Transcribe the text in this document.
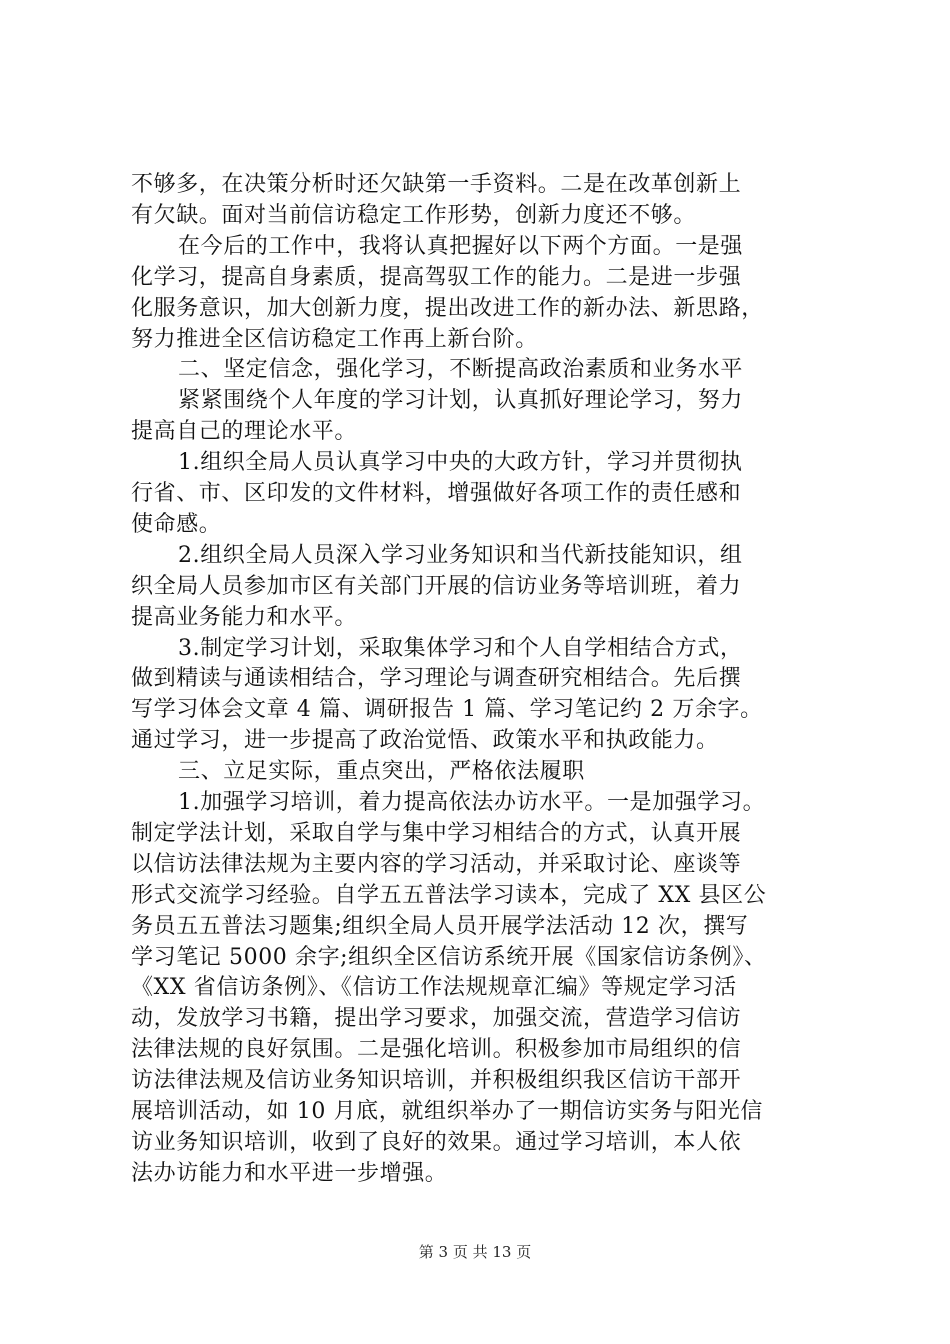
不够多，在决策分析时还欠缺第一手资料。二是在改革创新上
有欠缺。面对当前信访稳定工作形势，创新力度还不够。
在今后的工作中，我将认真把握好以下两个方面。一是强
化学习，提高自身素质，提高驾驭工作的能力。二是进一步强
化服务意识，加大创新力度，提出改进工作的新办法、新思路，
努力推进全区信访稳定工作再上新台阶。
二、坚定信念，强化学习，不断提高政治素质和业务水平
紧紧围绕个人年度的学习计划，认真抓好理论学习，努力
提高自己的理论水平。
1.组织全局人员认真学习中央的大政方针，学习并贯彻执
行省、市、区印发的文件材料，增强做好各项工作的责任感和
使命感。
2.组织全局人员深入学习业务知识和当代新技能知识，组
织全局人员参加市区有关部门开展的信访业务等培训班，着力
提高业务能力和水平。
3.制定学习计划，采取集体学习和个人自学相结合方式，
做到精读与通读相结合，学习理论与调查研究相结合。先后撰
写学习体会文章 4 篇、调研报告 1 篇、学习笔记约 2 万余字。
通过学习，进一步提高了政治觉悟、政策水平和执政能力。
三、立足实际，重点突出，严格依法履职
1.加强学习培训，着力提高依法办访水平。一是加强学习。
制定学法计划，采取自学与集中学习相结合的方式，认真开展
以信访法律法规为主要内容的学习活动，并采取讨论、座谈等
形式交流学习经验。自学五五普法学习读本，完成了 XX 县区公
务员五五普法习题集;组织全局人员开展学法活动 12 次，撰写
学习笔记 5000 余字;组织全区信访系统开展《国家信访条例》、
《XX 省信访条例》、《信访工作法规规章汇编》等规定学习活
动，发放学习书籍，提出学习要求，加强交流，营造学习信访
法律法规的良好氛围。二是强化培训。积极参加市局组织的信
访法律法规及信访业务知识培训，并积极组织我区信访干部开
展培训活动，如 10 月底，就组织举办了一期信访实务与阳光信
访业务知识培训，收到了良好的效果。通过学习培训，本人依
法办访能力和水平进一步增强。
第 3 页 共 13 页
